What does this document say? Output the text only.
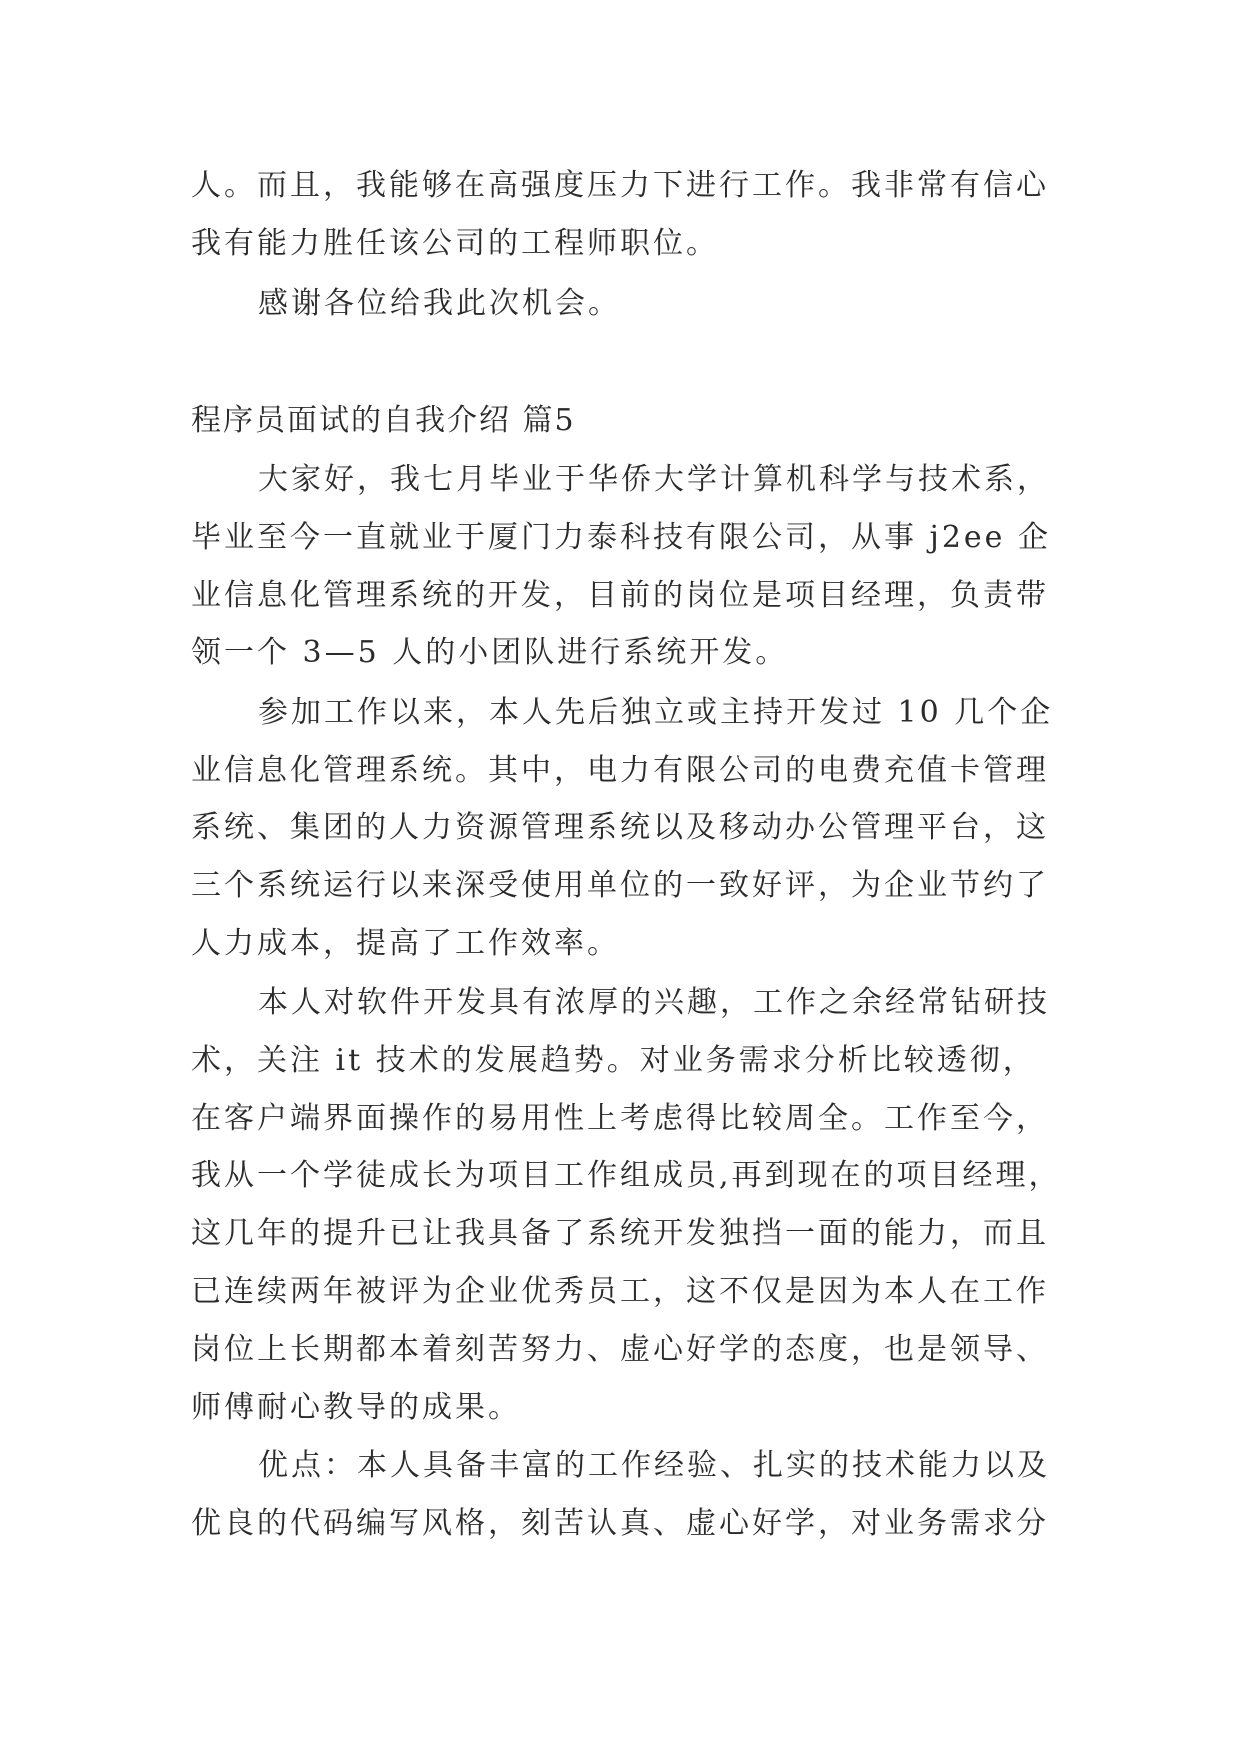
人。而且，我能够在高强度压力下进行工作。我非常有信心
我有能力胜任该公司的工程师职位。
感谢各位给我此次机会。
程序员面试的自我介绍 篇5
大家好，我七月毕业于华侨大学计算机科学与技术系，
毕业至今一直就业于厦门力泰科技有限公司，从事 j2ee 企
业信息化管理系统的开发，目前的岗位是项目经理，负责带
领一个 3—5 人的小团队进行系统开发。
参加工作以来，本人先后独立或主持开发过 10 几个企
业信息化管理系统。其中，电力有限公司的电费充值卡管理
系统、集团的人力资源管理系统以及移动办公管理平台，这
三个系统运行以来深受使用单位的一致好评，为企业节约了
人力成本，提高了工作效率。
本人对软件开发具有浓厚的兴趣，工作之余经常钻研技
术，关注 it 技术的发展趋势。对业务需求分析比较透彻，
在客户端界面操作的易用性上考虑得比较周全。工作至今，
我从一个学徒成长为项目工作组成员,再到现在的项目经理，
这几年的提升已让我具备了系统开发独挡一面的能力，而且
已连续两年被评为企业优秀员工，这不仅是因为本人在工作
岗位上长期都本着刻苦努力、虚心好学的态度，也是领导、
师傅耐心教导的成果。
优点：本人具备丰富的工作经验、扎实的技术能力以及
优良的代码编写风格，刻苦认真、虚心好学，对业务需求分
